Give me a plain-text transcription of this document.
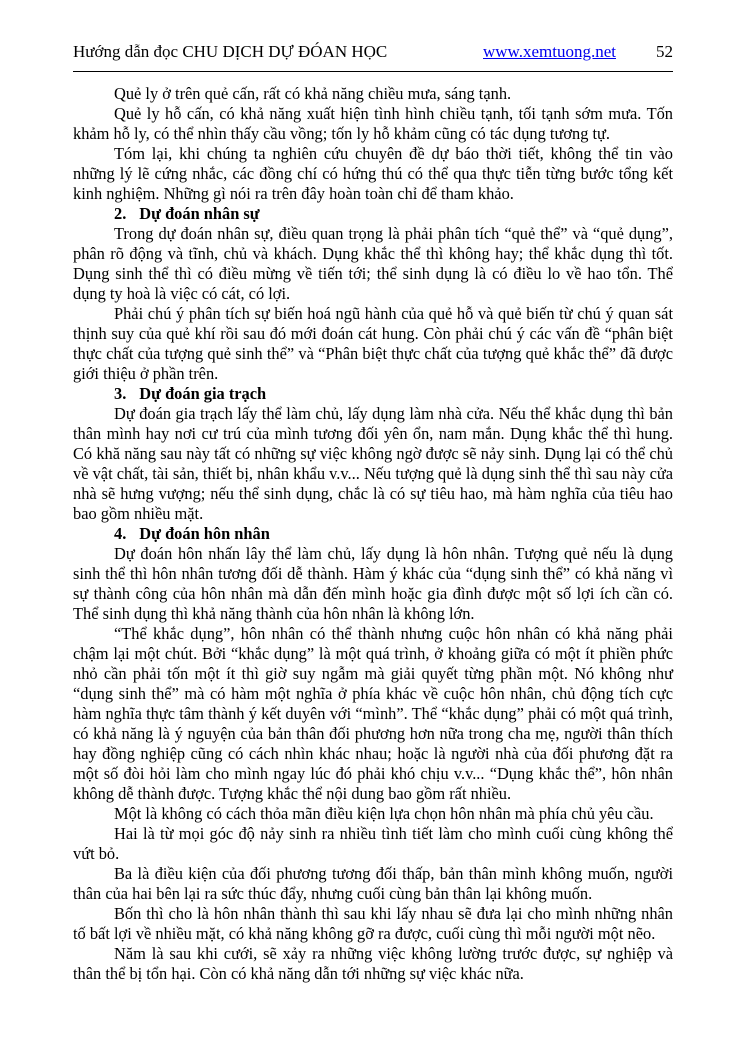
Hướng dẫn đọc CHU DỊCH DỰ ĐÓAN HỌC	www.xemtuong.net 52

Quẻ ly ở trên quẻ cấn, rất có khả năng chiều mưa, sáng tạnh.

Quẻ ly hỗ cấn, có khả năng xuất hiện tình hình chiều tạnh, tối tạnh sớm mưa. Tốn khảm hỗ ly, có thể nhìn thấy cầu vồng; tốn ly hỗ khảm cũng có tác dụng tương tự.

Tóm lại, khi chúng ta nghiên cứu chuyên đề dự báo thời tiết, không thể tin vào những lý lẽ cứng nhắc, các đồng chí có hứng thú có thể qua thực tiễn từng bước tổng kết kinh nghiệm. Những gì nói ra trên đây hoàn toàn chỉ để tham khảo.

2. Dự đoán nhân sự

Trong dự đoán nhân sự, điều quan trọng là phải phân tích “quẻ thể” và “quẻ dụng”, phân rõ động và tĩnh, chủ và khách. Dụng khắc thể thì không hay; thể khắc dụng thì tốt. Dụng sinh thể thì có điều mừng về tiến tới; thể sinh dụng là có điều lo về hao tổn. Thể dụng ty hoà là việc có cát, có lợi.

Phải chú ý phân tích sự biến hoá ngũ hành của quẻ hỗ và quẻ biến từ chú ý quan sát thịnh suy của quẻ khí rồi sau đó mới đoán cát hung. Còn phải chú ý các vấn đề “phân biệt thực chất của tượng quẻ sinh thể” và “Phân biệt thực chất của tượng quẻ khắc thể” đã được giới thiệu ở phần trên.

3. Dự đoán gia trạch

Dự đoán gia trạch lấy thể làm chủ, lấy dụng làm nhà cửa. Nếu thể khắc dụng thì bản thân mình hay nơi cư trú của mình tương đối yên ổn, nam mắn. Dụng khắc thể thì hung. Có khă năng sau này tất có những sự việc không ngờ được sẽ nảy sinh. Dụng lại có thể chủ về vật chất, tài sản, thiết bị, nhân khẩu v.v... Nếu tượng quẻ là dụng sinh thể thì sau này cửa nhà sẽ hưng vượng; nếu thể sinh dụng, chắc là có sự tiêu hao, mà hàm nghĩa của tiêu hao bao gồm nhiều mặt.

4. Dự đoán hôn nhân

Dự đoán hôn nhấn lây thể làm chủ, lấy dụng là hôn nhân. Tượng quẻ nếu là dụng sinh thể thì hôn nhân tương đối dễ thành. Hàm ý khác của “dụng sinh thể” có khả năng vì sự thành công của hôn nhân mà dẫn đến mình hoặc gia đình được một số lợi ích cần có. Thể sinh dụng thì khả năng thành của hôn nhân là không lớn.

“Thể khắc dụng”, hôn nhân có thể thành nhưng cuộc hôn nhân có khả năng phải chậm lại một chút. Bởi “khắc dụng” là một quá trình, ở khoảng giữa có một ít phiền phức nhỏ cần phải tốn một ít thì giờ suy ngẫm mà giải quyết từng phần một. Nó không như “dụng sinh thể” mà có hàm một nghĩa ở phía khác về cuộc hôn nhân, chủ động tích cực hàm nghĩa thực tâm thành ý kết duyên với “mình”. Thể “khắc dụng” phải có một quá trình, có khả năng là ý nguyện của bản thân đối phương hơn nữa trong cha mẹ, người thân thích hay đồng nghiệp cũng có cách nhìn khác nhau; hoặc là người nhà của đối phương đặt ra một số đòi hỏi làm cho mình ngay lúc đó phải khó chịu v.v... “Dụng khắc thể”, hôn nhân không dễ thành được. Tượng khắc thể nội dung bao gồm rất nhiều.

Một là không có cách thỏa mãn điều kiện lựa chọn hôn nhân mà phía chủ yêu cầu.

Hai là từ mọi góc độ nảy sinh ra nhiều tình tiết làm cho mình cuối cùng không thể vứt bỏ.

Ba là điều kiện của đối phương tương đối thấp, bản thân mình không muốn, người thân của hai bên lại ra sức thúc đẩy, nhưng cuối cùng bản thân lại không muốn.

Bốn thì cho là hôn nhân thành thì sau khi lấy nhau sẽ đưa lại cho mình những nhân tố bất lợi về nhiều mặt, có khả năng không gỡ ra được, cuối cùng thì mỗi người một nẽo.

Năm là sau khi cưới, sẽ xảy ra những việc không lường trước được, sự nghiệp và thân thể bị tổn hại. Còn có khả năng dẫn tới những sự việc khác nữa.
